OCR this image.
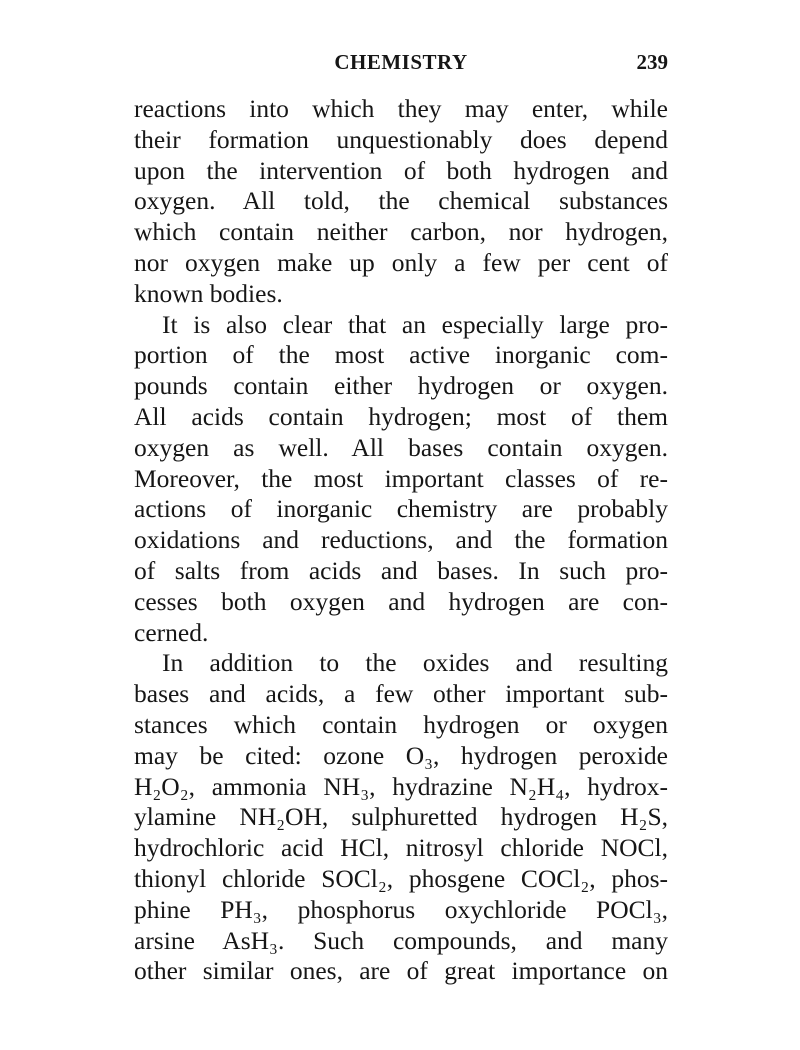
CHEMISTRY	239

reactions into which they may enter, while
their formation unquestionably does depend
upon the intervention of both hydrogen and
oxygen. All told, the chemical substances
which contain neither carbon, nor hydrogen,
nor oxygen make up only a few per cent of
known bodies.

It is also clear that an especially large pro-
portion of the most active inorganic com-
pounds contain either hydrogen or oxygen.
All acids contain hydrogen; most of them
oxygen as well. All bases contain oxygen.
Moreover, the most important classes of re-
actions of inorganic chemistry are probably
oxidations and reductions, and the formation
of salts from acids and bases. In such pro-
cesses both oxygen and hydrogen are con-
cerned.

In addition to the oxides and resulting
bases and acids, a few other important sub-
stances which contain hydrogen or oxygen
may be cited: ozone O₃, hydrogen peroxide
H₂O₂, ammonia NH₃, hydrazine N₂H₄, hydrox-
ylamine NH₂OH, sulphuretted hydrogen H₂S,
hydrochloric acid HCl, nitrosyl chloride NOCl,
thionyl chloride SOCl₂, phosgene COCl₂, phos-
phine PH₃, phosphorus oxychloride POCl₃,
arsine AsH₃. Such compounds, and many
other similar ones, are of great importance on
